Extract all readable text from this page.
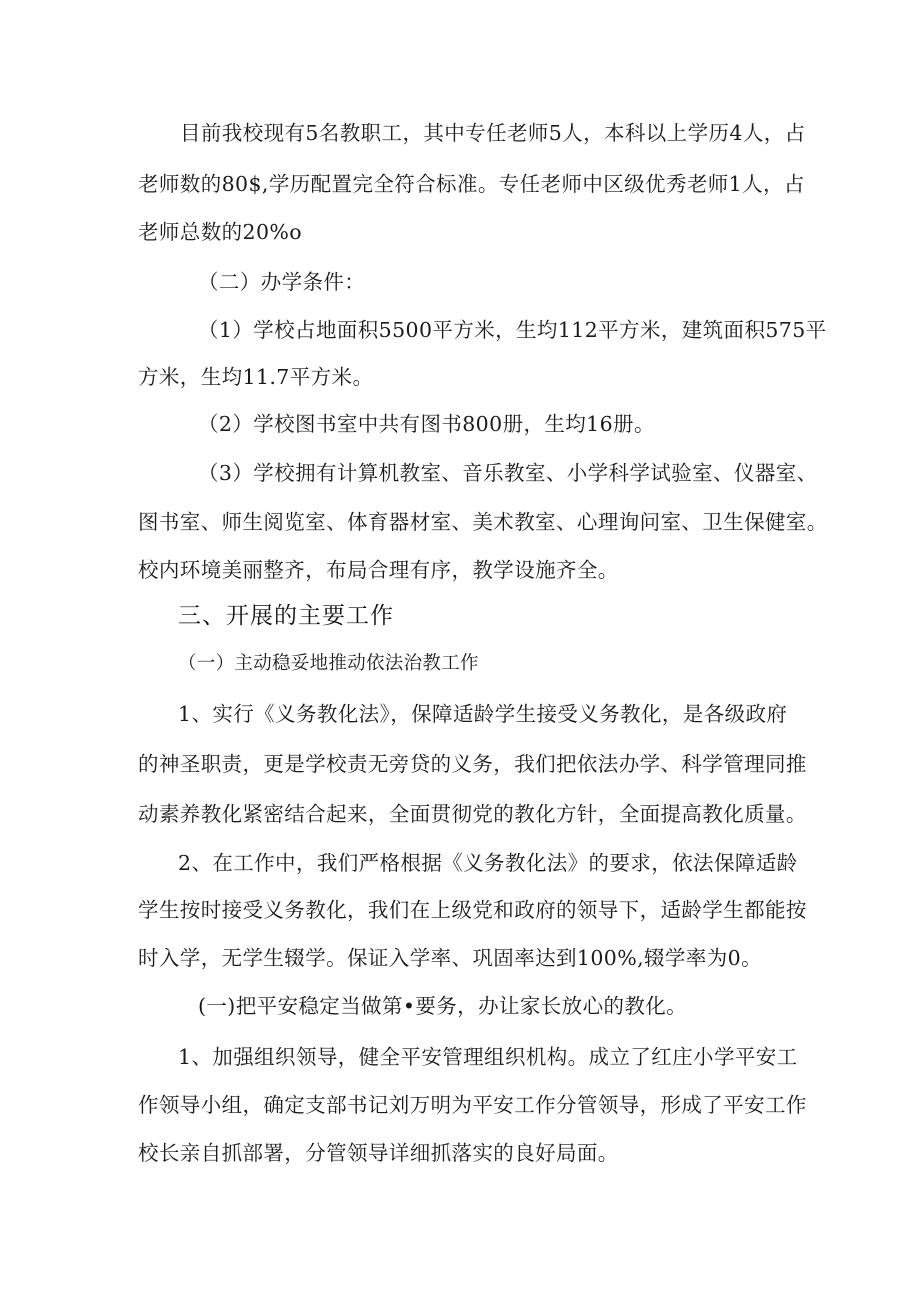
目前我校现有5名教职工，其中专任老师5人，本科以上学历4人，占
老师数的80$,学历配置完全符合标准。专任老师中区级优秀老师1人，占
老师总数的20%o
（二）办学条件：
（1）学校占地面积5500平方米，生均112平方米，建筑面积575平
方米，生均11.7平方米。
（2）学校图书室中共有图书800册，生均16册。
（3）学校拥有计算机教室、音乐教室、小学科学试验室、仪器室、
图书室、师生阅览室、体育器材室、美术教室、心理询问室、卫生保健室。
校内环境美丽整齐，布局合理有序，教学设施齐全。
三、开展的主要工作
（一）主动稳妥地推动依法治教工作
1、实行《义务教化法》，保障适龄学生接受义务教化，是各级政府
的神圣职责，更是学校责无旁贷的义务，我们把依法办学、科学管理同推
动素养教化紧密结合起来，全面贯彻党的教化方针，全面提高教化质量。
2、在工作中，我们严格根据《义务教化法》的要求，依法保障适龄
学生按时接受义务教化，我们在上级党和政府的领导下，适龄学生都能按
时入学，无学生辍学。保证入学率、巩固率达到100%,辍学率为0。
(一)把平安稳定当做第•要务，办让家长放心的教化。
1、加强组织领导，健全平安管理组织机构。成立了红庄小学平安工
作领导小组，确定支部书记刘万明为平安工作分管领导，形成了平安工作
校长亲自抓部署，分管领导详细抓落实的良好局面。
